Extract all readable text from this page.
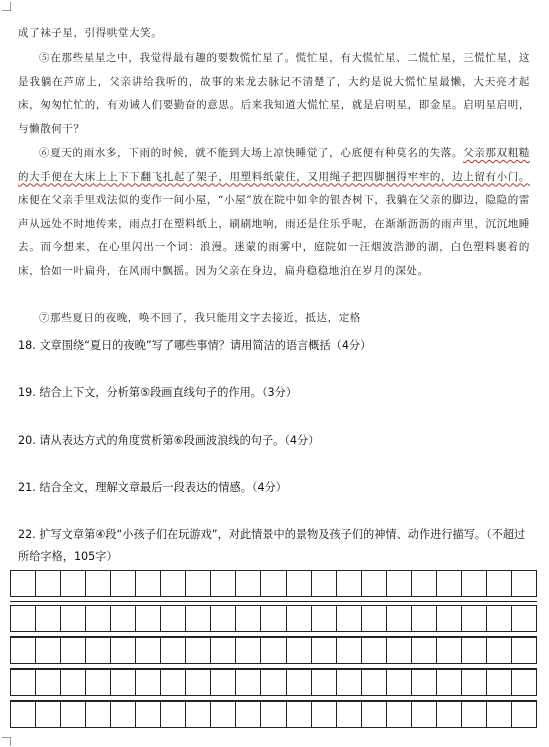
成了袜子星，引得哄堂大笑。
⑤在那些星星之中，我觉得最有趣的要数慌忙星了。慌忙星，有大慌忙星、二慌忙星，三慌忙星，这是我躺在芦席上，父亲讲给我听的，故事的来龙去脉记不清楚了，大约是说大慌忙星最懒，大天亮才起床，匆匆忙忙的，有劝诫人们要勤奋的意思。后来我知道大慌忙星，就是启明星，即金星。启明星启明，与懒散何干？
⑥夏天的雨水多，下雨的时候，就不能到大场上凉快睡觉了，心底便有种莫名的失落。父亲那双粗糙的大手便在大床上上下下翻飞扎起了架子，用塑料纸蒙住，又用绳子把四脚捆得牢牢的，边上留有小门。床便在父亲手里戏法似的变作一间小屋，“小屋”放在院中如伞的银杏树下，我躺在父亲的脚边，隐隐的雷声从远处不时地传来，雨点打在塑料纸上，刷刷地响，雨还是住乐乎呢，在渐渐沥沥的雨声里，沉沉地睡去。而今想来，在心里闪出一个词：浪漫。迷蒙的雨雾中，庭院如一汪烟波浩渺的湖，白色塑料裹着的床，恰如一叶扁舟，在风雨中飘摇。因为父亲在身边，扁舟稳稳地泊在岁月的深处。
⑦那些夏日的夜晚，唤不回了，我只能用文字去接近，抵达，定格
18. 文章围绕“夏日的夜晚”写了哪些事情？请用简洁的语言概括（4分）
19. 结合上下文，分析第⑤段画直线句子的作用。（3分）
20. 请从表达方式的角度赏析第⑥段画波浪线的句子。（4分）
21. 结合全文，理解文章最后一段表达的情感。（4分）
22. 扩写文章第④段“小孩子们在玩游戏”，对此情景中的景物及孩子们的神情、动作进行描写。（不超过所给字格，105字）
